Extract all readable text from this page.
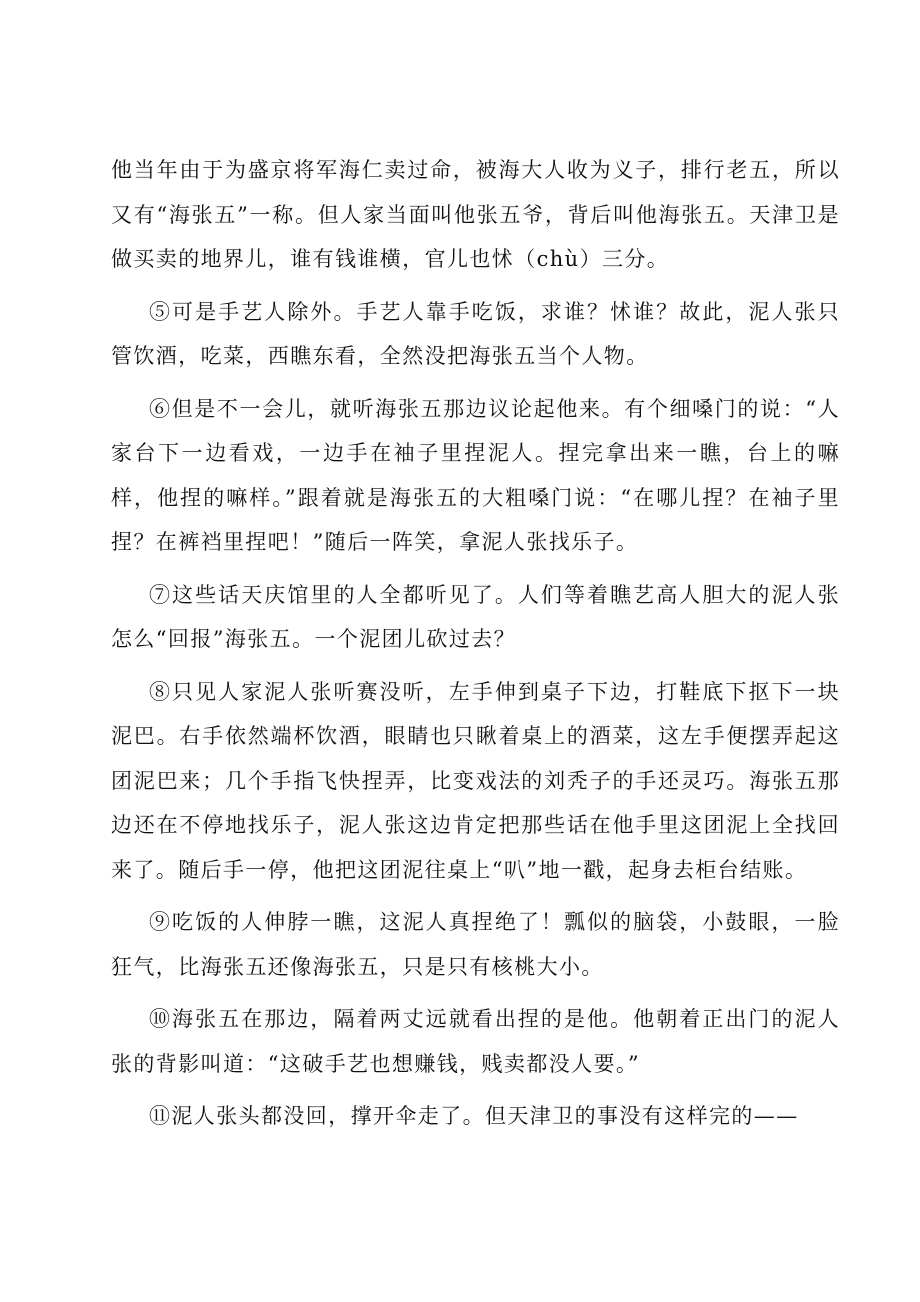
他当年由于为盛京将军海仁卖过命，被海大人收为义子，排行老五，所以又有“海张五”一称。但人家当面叫他张五爷，背后叫他海张五。天津卫是做买卖的地界儿，谁有钱谁横，官儿也怵（chù）三分。

⑤可是手艺人除外。手艺人靠手吃饭，求谁？怵谁？故此，泥人张只管饮酒，吃菜，西瞧东看，全然没把海张五当个人物。

⑥但是不一会儿，就听海张五那边议论起他来。有个细嗓门的说：“人家台下一边看戏，一边手在袖子里捏泥人。捏完拿出来一瞧，台上的嘛样，他捏的嘛样。”跟着就是海张五的大粗嗓门说：“在哪儿捏？在袖子里捏？在裤裆里捏吧！”随后一阵笑，拿泥人张找乐子。

⑦这些话天庆馆里的人全都听见了。人们等着瞧艺高人胆大的泥人张怎么“回报”海张五。一个泥团儿砍过去？

⑧只见人家泥人张听赛没听，左手伸到桌子下边，打鞋底下抠下一块泥巴。右手依然端杯饮酒，眼睛也只瞅着桌上的酒菜，这左手便摆弄起这团泥巴来；几个手指飞快捏弄，比变戏法的刘秃子的手还灵巧。海张五那边还在不停地找乐子，泥人张这边肯定把那些话在他手里这团泥上全找回来了。随后手一停，他把这团泥往桌上“叭”地一戳，起身去柜台结账。

⑨吃饭的人伸脖一瞧，这泥人真捏绝了！瓢似的脑袋，小鼓眼，一脸狂气，比海张五还像海张五，只是只有核桃大小。

⑩海张五在那边，隔着两丈远就看出捏的是他。他朝着正出门的泥人张的背影叫道：“这破手艺也想赚钱，贱卖都没人要。”

⑪泥人张头都没回，撑开伞走了。但天津卫的事没有这样完的——
